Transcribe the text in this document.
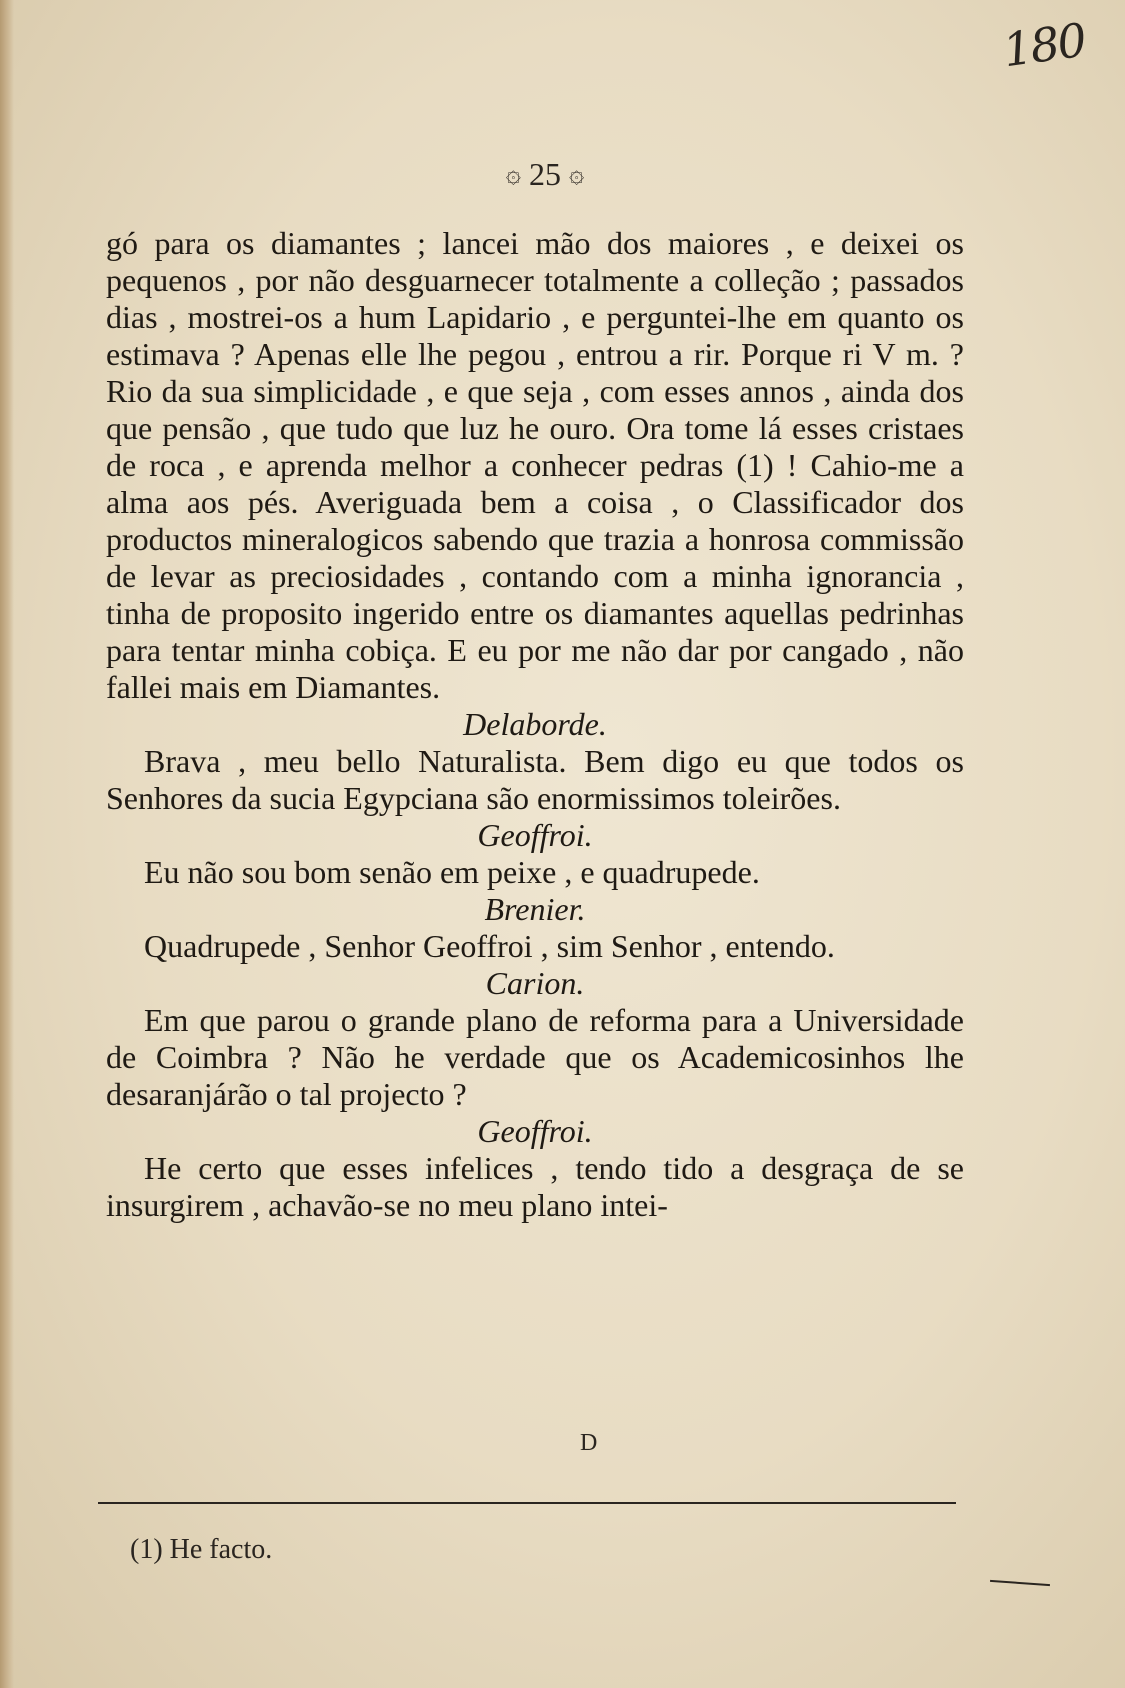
180
۞ 25 ۞

gó para os diamantes ; lancei mão dos maiores , e deixei os pequenos , por não desguarnecer totalmente a colleção ; passados dias , mostrei-os a hum Lapidario , e perguntei-lhe em quanto os estimava ? Apenas elle lhe pegou , entrou a rir. Porque ri V m. ? Rio da sua simplicidade , e que seja , com esses annos , ainda dos que pensão , que tudo que luz he ouro. Ora tome lá esses cristaes de roca , e aprenda melhor a conhecer pedras (1) ! Cahio-me a alma aos pés. Averiguada bem a coisa , o Classificador dos productos mineralogicos sabendo que trazia a honrosa commissão de levar as preciosidades , contando com a minha ignorancia , tinha de proposito ingerido entre os diamantes aquellas pedrinhas para tentar minha cobiça. E eu por me não dar por cangado , não fallei mais em Diamantes.

Delaborde.

Brava , meu bello Naturalista. Bem digo eu que todos os Senhores da sucia Egypciana são enormissimos toleirões.

Geoffroi.

Eu não sou bom senão em peixe , e quadrupede.

Brenier.

Quadrupede , Senhor Geoffroi , sim Senhor , entendo.

Carion.

Em que parou o grande plano de reforma para a Universidade de Coimbra ? Não he verdade que os Academicosinhos lhe desaranjárão o tal projecto ?

Geoffroi.

He certo que esses infelices , tendo tido a desgraça de se insurgirem , achavão-se no meu plano intei-

D
(1) He facto.
